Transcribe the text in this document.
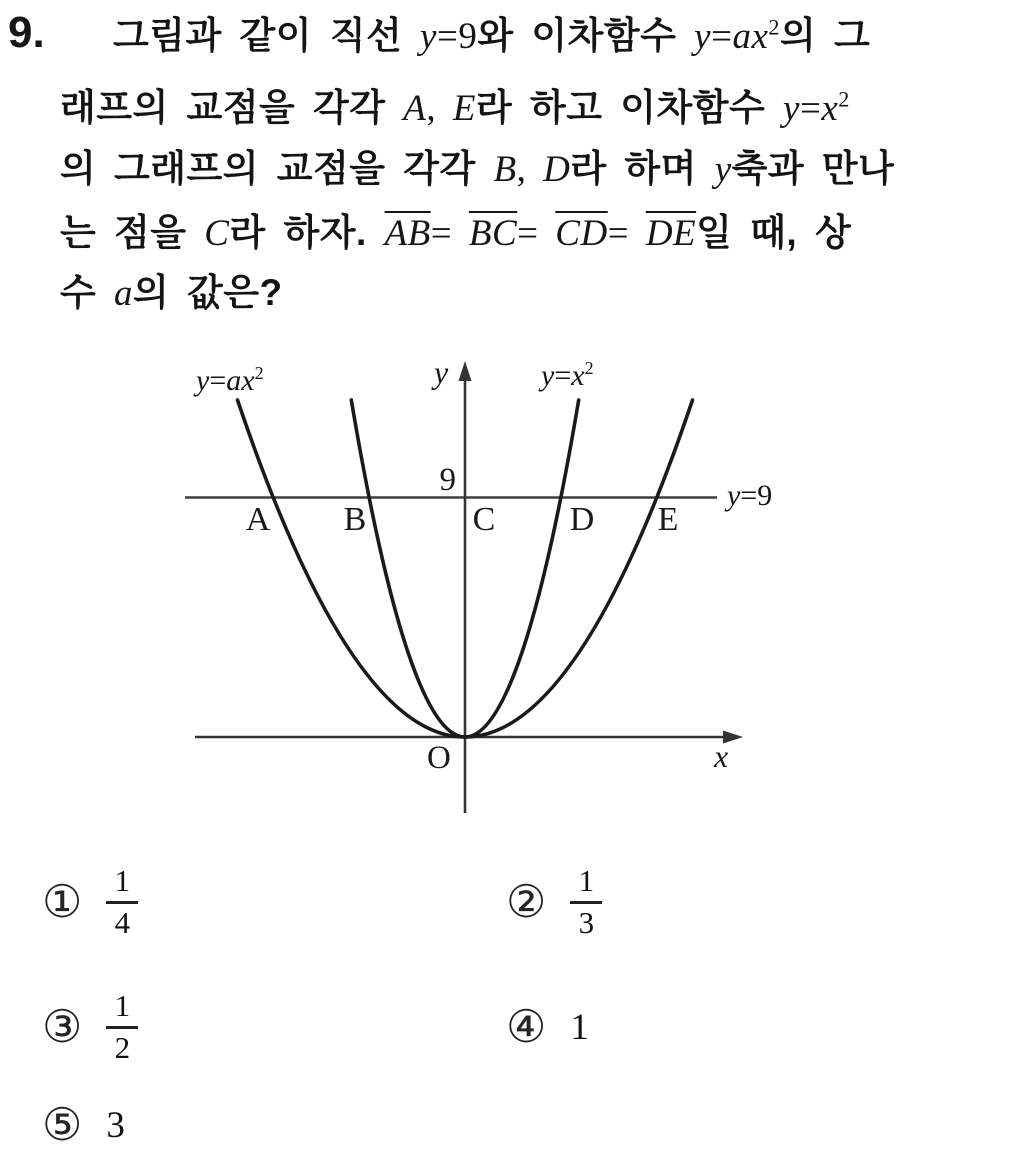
9. 그림과 같이 직선 y=9와 이차함수 $y=ax^2$의 그
래프의 교점을 각각 A, E라 하고 이차함수 $y=x^2$
의 그래프의 교점을 각각 B, D라 하며 y축과 만나
는 점을 C라 하자. $\overline{AB}= \overline{BC}= \overline{CD}= \overline{DE}$일 때, 상
수 a의 값은?
$y=ax^2$	$y=x^2$
y=9
y
x
O
9
A B	C D E
① $\frac{1}{4}$	② $\frac{1}{3}$
③ $\frac{1}{2}$	④ 1
⑤ 3
